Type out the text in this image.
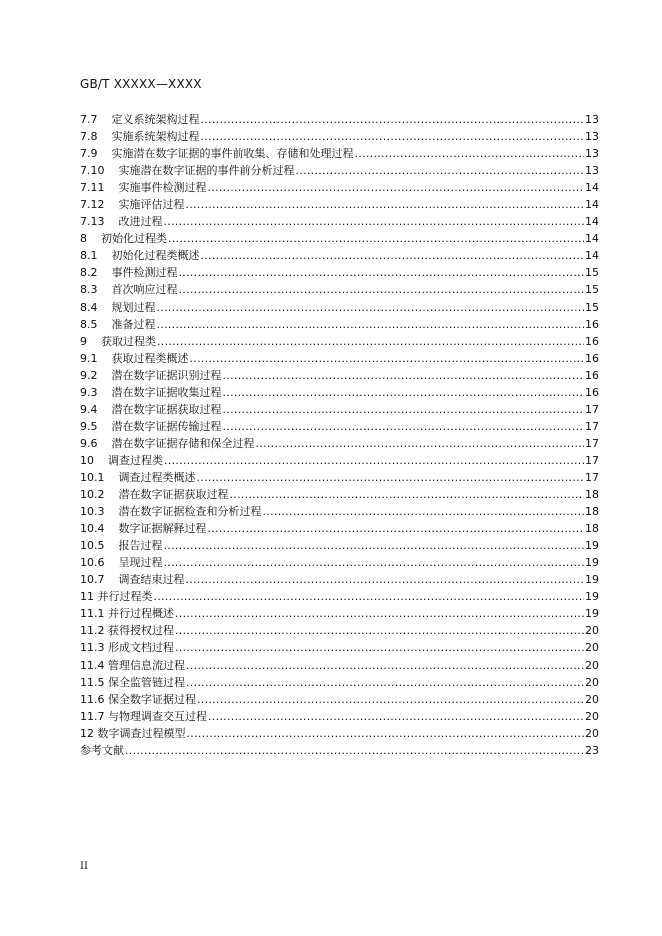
GB/T XXXXX—XXXX
7.7    定义系统架构过程 .....	13
7.8    实施系统架构过程 .....	13
7.9    实施潜在数字证据的事件前收集、存储和处理过程 .....	13
7.10    实施潜在数字证据的事件前分析过程 .....	13
7.11    实施事件检测过程 .....	14
7.12    实施评估过程 .....	14
7.13    改进过程 .....	14
8    初始化过程类 .....	14
8.1    初始化过程类概述 .....	14
8.2    事件检测过程 .....	15
8.3    首次响应过程 .....	15
8.4    规划过程 .....	15
8.5    准备过程 .....	16
9    获取过程类 .....	16
9.1    获取过程类概述 .....	16
9.2    潜在数字证据识别过程 .....	16
9.3    潜在数字证据收集过程 .....	16
9.4    潜在数字证据获取过程 .....	17
9.5    潜在数字证据传输过程 .....	17
9.6    潜在数字证据存储和保全过程 .....	17
10    调查过程类 .....	17
10.1    调查过程类概述 .....	17
10.2    潜在数字证据获取过程 .....	18
10.3    潜在数字证据检查和分析过程 .....	18
10.4    数字证据解释过程 .....	18
10.5    报告过程 .....	19
10.6    呈现过程 .....	19
10.7    调查结束过程 .....	19
11 并行过程类 .....	19
11.1 并行过程概述 .....	19
11.2 获得授权过程 .....	20
11.3 形成文档过程 .....	20
11.4 管理信息流过程 .....	20
11.5 保全监管链过程 .....	20
11.6 保全数字证据过程 .....	20
11.7 与物理调查交互过程 .....	20
12 数字调查过程模型 .....	20
参考文献 .....	23
II
